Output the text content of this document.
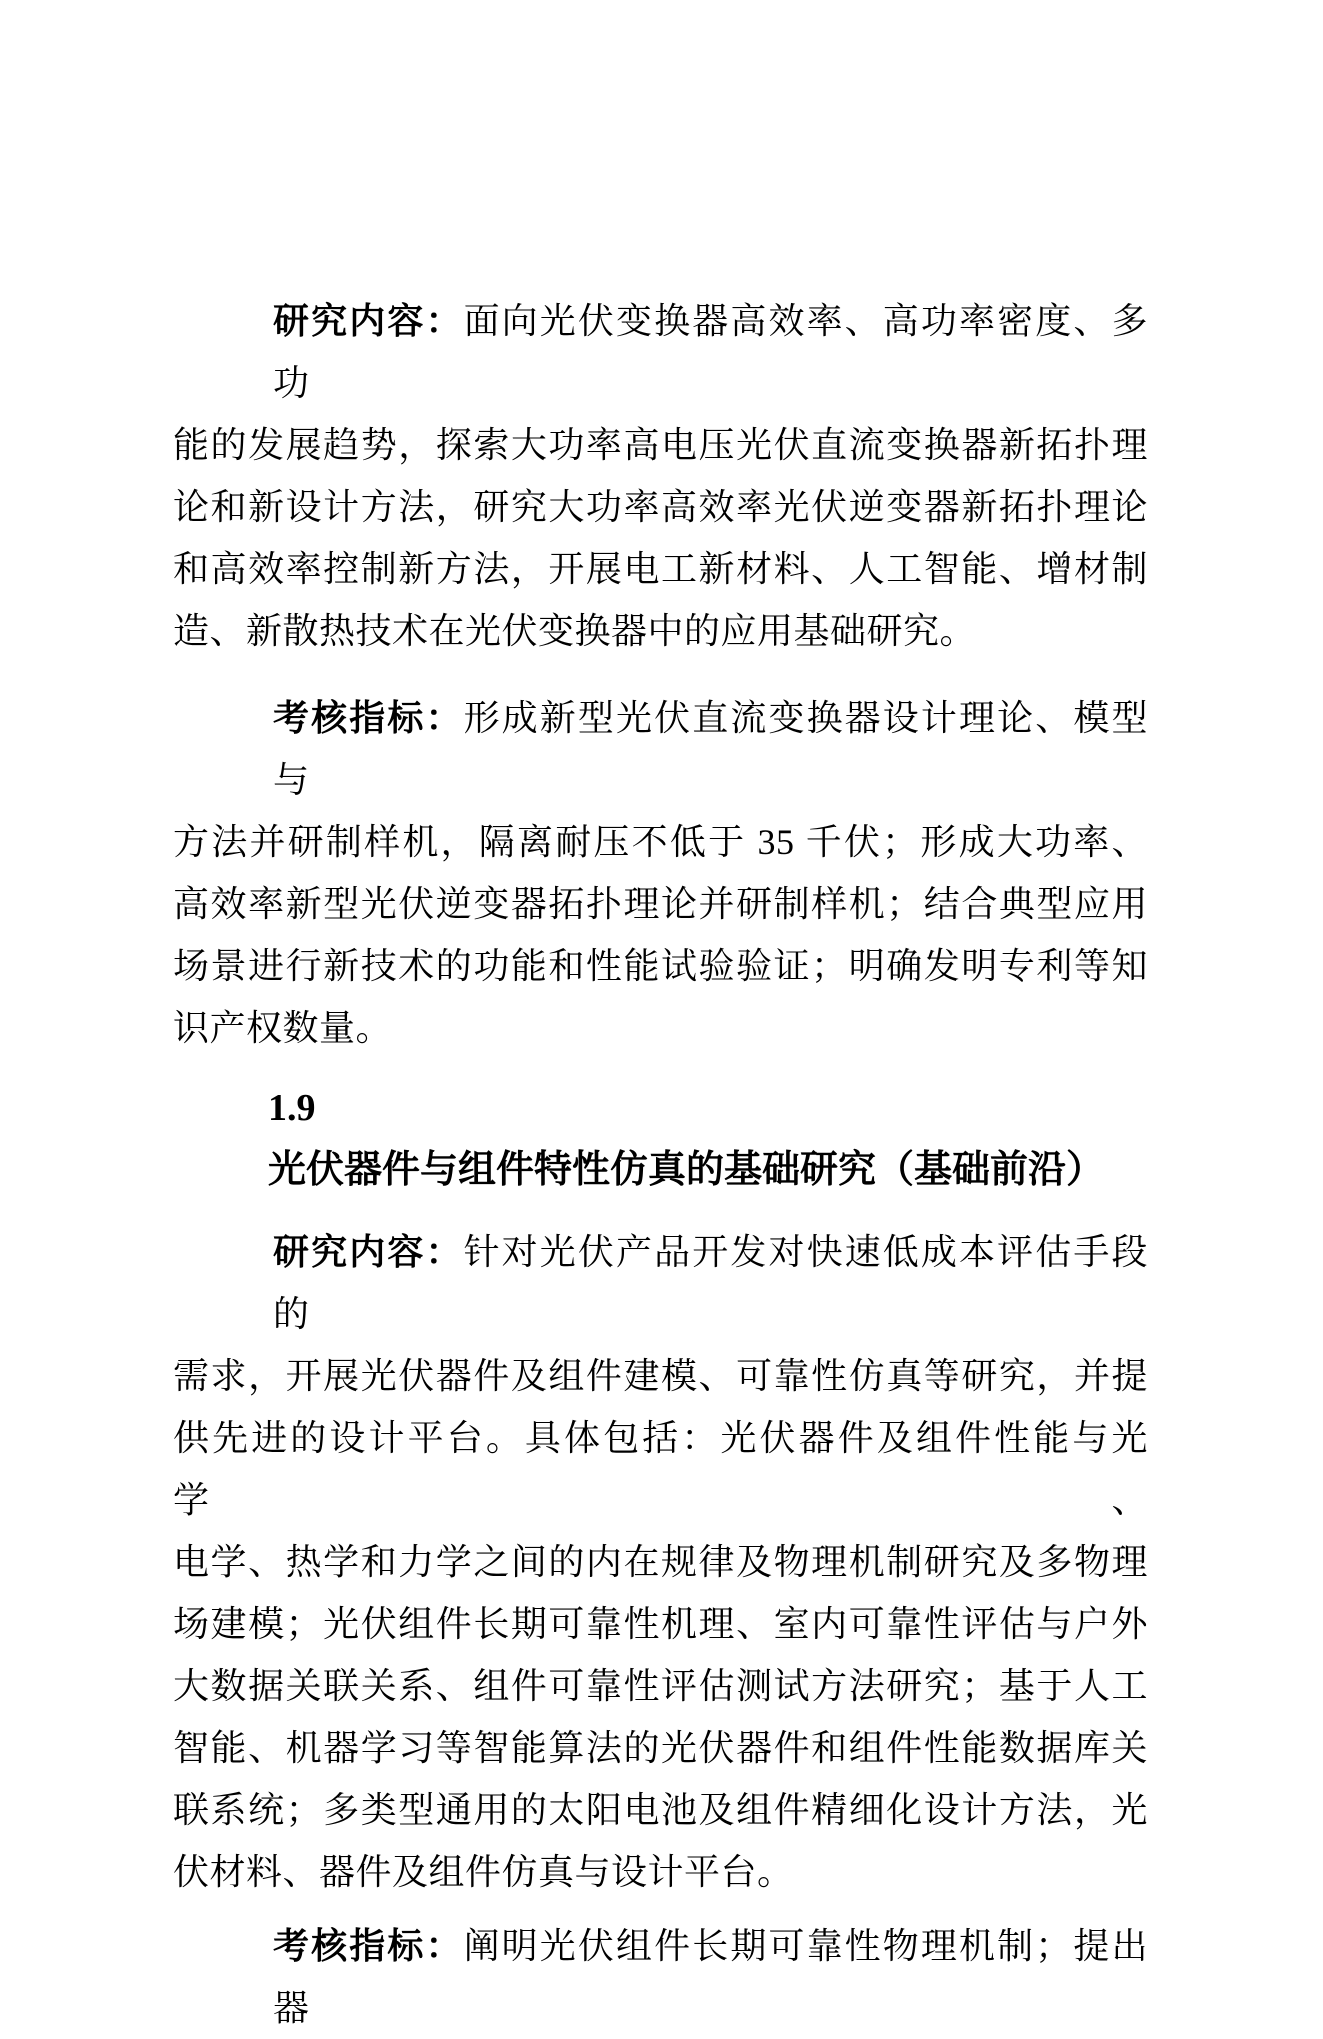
研究内容：面向光伏变换器高效率、高功率密度、多功
能的发展趋势，探索大功率高电压光伏直流变换器新拓扑理
论和新设计方法，研究大功率高效率光伏逆变器新拓扑理论
和高效率控制新方法，开展电工新材料、人工智能、增材制
造、新散热技术在光伏变换器中的应用基础研究。
考核指标：形成新型光伏直流变换器设计理论、模型与
方法并研制样机，隔离耐压不低于 35 千伏；形成大功率、
高效率新型光伏逆变器拓扑理论并研制样机；结合典型应用
场景进行新技术的功能和性能试验验证；明确发明专利等知
识产权数量。
1.9光伏器件与组件特性仿真的基础研究（基础前沿）
研究内容：针对光伏产品开发对快速低成本评估手段的
需求，开展光伏器件及组件建模、可靠性仿真等研究，并提
供先进的设计平台。具体包括：光伏器件及组件性能与光学、
电学、热学和力学之间的内在规律及物理机制研究及多物理
场建模；光伏组件长期可靠性机理、室内可靠性评估与户外
大数据关联关系、组件可靠性评估测试方法研究；基于人工
智能、机器学习等智能算法的光伏器件和组件性能数据库关
联系统；多类型通用的太阳电池及组件精细化设计方法，光
伏材料、器件及组件仿真与设计平台。
考核指标：阐明光伏组件长期可靠性物理机制；提出器
